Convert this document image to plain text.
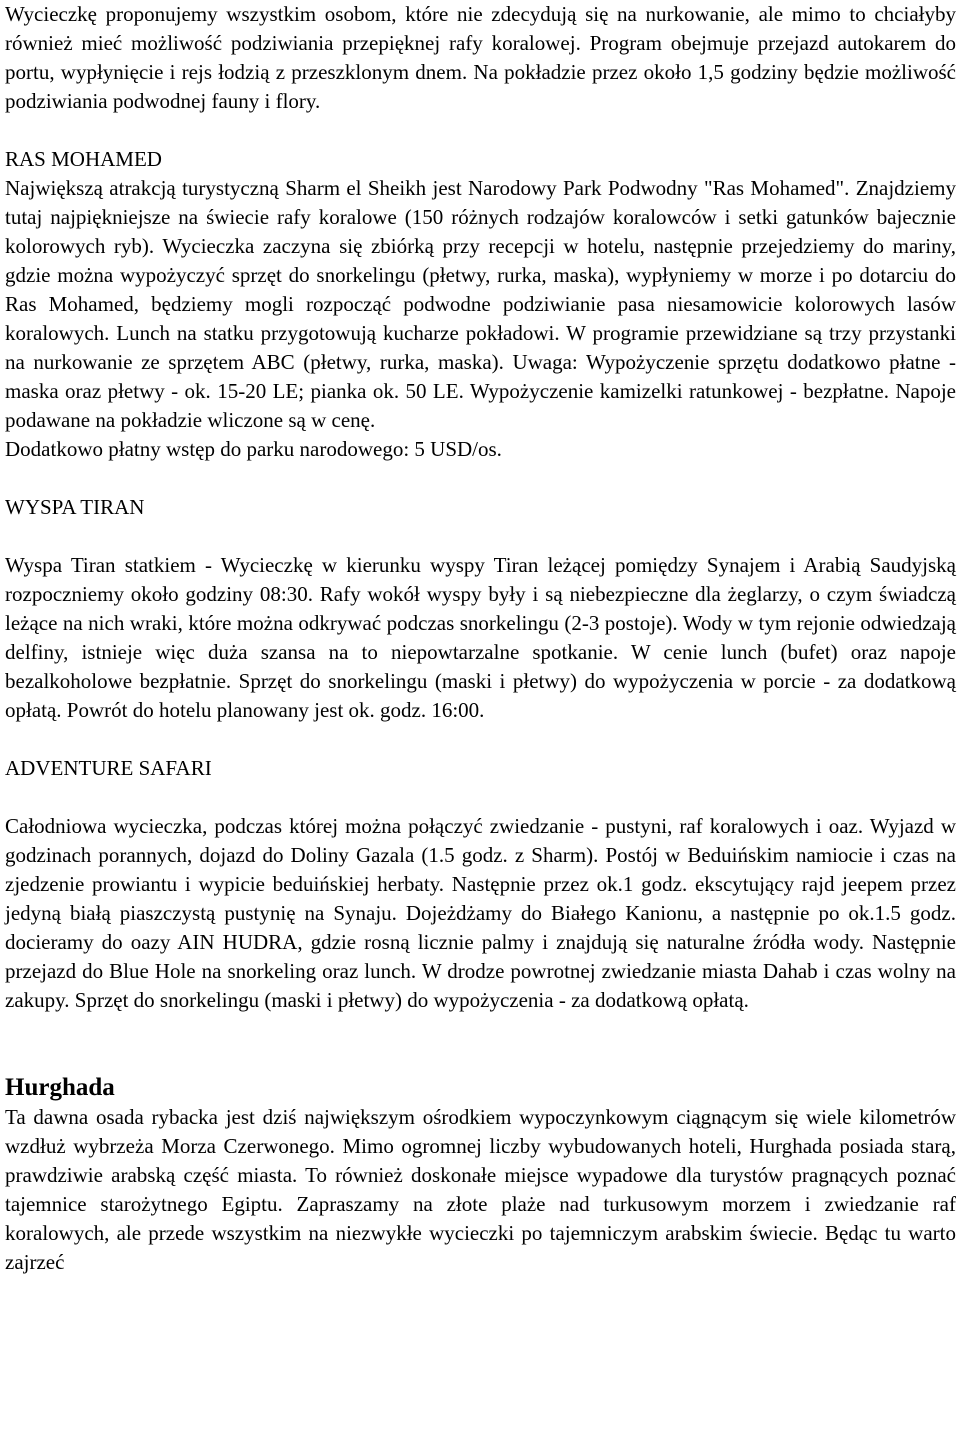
Wycieczkę proponujemy wszystkim osobom, które nie zdecydują się na nurkowanie, ale mimo to chciałyby również mieć możliwość podziwiania przepięknej rafy koralowej. Program obejmuje przejazd autokarem do portu, wypłynięcie i rejs łodzią z przeszklonym dnem. Na pokładzie przez około 1,5 godziny będzie możliwość podziwiania podwodnej fauny i flory.

RAS MOHAMED

Największą atrakcją turystyczną Sharm el Sheikh jest Narodowy Park Podwodny "Ras Mohamed". Znajdziemy tutaj najpiękniejsze na świecie rafy koralowe (150 różnych rodzajów koralowców i setki gatunków bajecznie kolorowych ryb). Wycieczka zaczyna się zbiórką przy recepcji w hotelu, następnie przejedziemy do mariny, gdzie można wypożyczyć sprzęt do snorkelingu (płetwy, rurka, maska), wypłyniemy w morze i po dotarciu do Ras Mohamed, będziemy mogli rozpocząć podwodne podziwianie pasa niesamowicie kolorowych lasów koralowych. Lunch na statku przygotowują kucharze pokładowi. W programie przewidziane są trzy przystanki na nurkowanie ze sprzętem ABC (płetwy, rurka, maska). Uwaga: Wypożyczenie sprzętu dodatkowo płatne - maska oraz płetwy - ok. 15-20 LE; pianka ok. 50 LE. Wypożyczenie kamizelki ratunkowej - bezpłatne. Napoje podawane na pokładzie wliczone są w cenę.

Dodatkowo płatny wstęp do parku narodowego: 5 USD/os.

WYSPA TIRAN

Wyspa Tiran statkiem - Wycieczkę w kierunku wyspy Tiran leżącej pomiędzy Synajem i Arabią Saudyjską rozpoczniemy około godziny 08:30. Rafy wokół wyspy były i są niebezpieczne dla żeglarzy, o czym świadczą leżące na nich wraki, które można odkrywać podczas snorkelingu (2-3 postoje). Wody w tym rejonie odwiedzają delfiny, istnieje więc duża szansa na to niepowtarzalne spotkanie. W cenie lunch (bufet) oraz napoje bezalkoholowe bezpłatnie. Sprzęt do snorkelingu (maski i płetwy) do wypożyczenia w porcie - za dodatkową opłatą. Powrót do hotelu planowany jest ok. godz. 16:00.

ADVENTURE SAFARI

Całodniowa wycieczka, podczas której można połączyć zwiedzanie - pustyni, raf koralowych i oaz. Wyjazd w godzinach porannych, dojazd do Doliny Gazala (1.5 godz. z Sharm). Postój w Beduińskim namiocie i czas na zjedzenie prowiantu i wypicie beduińskiej herbaty. Następnie przez ok.1 godz. ekscytujący rajd jeepem przez jedyną białą piaszczystą pustynię na Synaju. Dojeżdżamy do Białego Kanionu, a następnie po ok.1.5 godz. docieramy do oazy AIN HUDRA, gdzie rosną licznie palmy i znajdują się naturalne źródła wody. Następnie przejazd do Blue Hole na snorkeling oraz lunch. W drodze powrotnej zwiedzanie miasta Dahab i czas wolny na zakupy. Sprzęt do snorkelingu (maski i płetwy) do wypożyczenia - za dodatkową opłatą.

Hurghada

Ta dawna osada rybacka jest dziś największym ośrodkiem wypoczynkowym ciągnącym się wiele kilometrów wzdłuż wybrzeża Morza Czerwonego. Mimo ogromnej liczby wybudowanych hoteli, Hurghada posiada starą, prawdziwie arabską część miasta. To również doskonałe miejsce wypadowe dla turystów pragnących poznać tajemnice starożytnego Egiptu. Zapraszamy na złote plaże nad turkusowym morzem i zwiedzanie raf koralowych, ale przede wszystkim na niezwykłe wycieczki po tajemniczym arabskim świecie. Będąc tu warto zajrzeć
